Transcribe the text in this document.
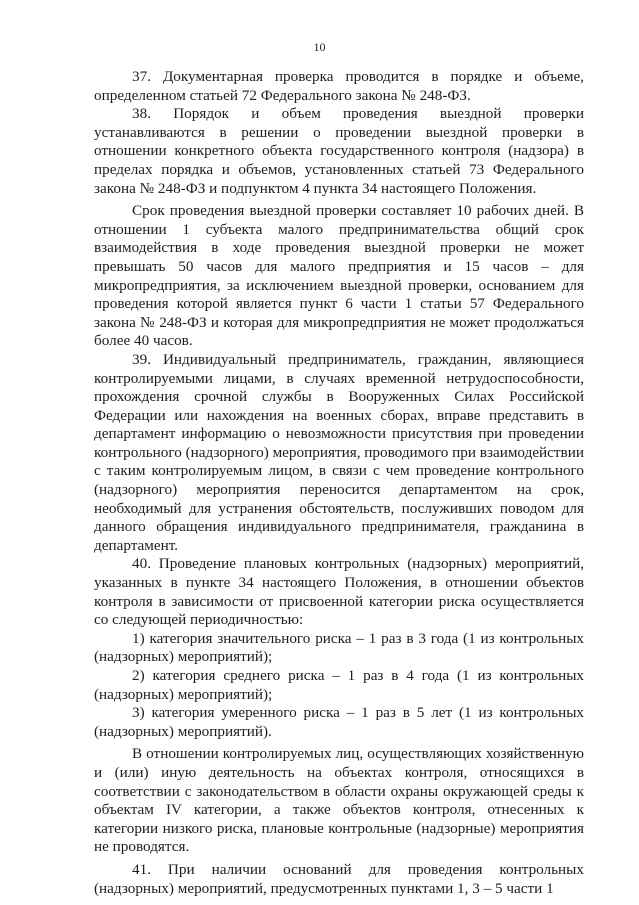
10

37. Документарная проверка проводится в порядке и объеме, определенном статьей 72 Федерального закона № 248-ФЗ.

38. Порядок и объем проведения выездной проверки устанавливаются в решении о проведении выездной проверки в отношении конкретного объекта государственного контроля (надзора) в пределах порядка и объемов, установленных статьей 73 Федерального закона № 248-ФЗ и подпунктом 4 пункта 34 настоящего Положения.

Срок проведения выездной проверки составляет 10 рабочих дней. В отношении 1 субъекта малого предпринимательства общий срок взаимодействия в ходе проведения выездной проверки не может превышать 50 часов для малого предприятия и 15 часов – для микропредприятия, за исключением выездной проверки, основанием для проведения которой является пункт 6 части 1 статьи 57 Федерального закона № 248-ФЗ и которая для микропредприятия не может продолжаться более 40 часов.

39. Индивидуальный предприниматель, гражданин, являющиеся контролируемыми лицами, в случаях временной нетрудоспособности, прохождения срочной службы в Вооруженных Силах Российской Федерации или нахождения на военных сборах, вправе представить в департамент информацию о невозможности присутствия при проведении контрольного (надзорного) мероприятия, проводимого при взаимодействии с таким контролируемым лицом, в связи с чем проведение контрольного (надзорного) мероприятия переносится департаментом на срок, необходимый для устранения обстоятельств, послуживших поводом для данного обращения индивидуального предпринимателя, гражданина в департамент.

40. Проведение плановых контрольных (надзорных) мероприятий, указанных в пункте 34 настоящего Положения, в отношении объектов контроля в зависимости от присвоенной категории риска осуществляется со следующей периодичностью:

1) категория значительного риска – 1 раз в 3 года (1 из контрольных (надзорных) мероприятий);

2) категория среднего риска – 1 раз в 4 года (1 из контрольных (надзорных) мероприятий);

3) категория умеренного риска – 1 раз в 5 лет (1 из контрольных (надзорных) мероприятий).

В отношении контролируемых лиц, осуществляющих хозяйственную и (или) иную деятельность на объектах контроля, относящихся в соответствии с законодательством в области охраны окружающей среды к объектам IV категории, а также объектов контроля, отнесенных к категории низкого риска, плановые контрольные (надзорные) мероприятия не проводятся.

41. При наличии оснований для проведения контрольных (надзорных) мероприятий, предусмотренных пунктами 1, 3 – 5 части 1
